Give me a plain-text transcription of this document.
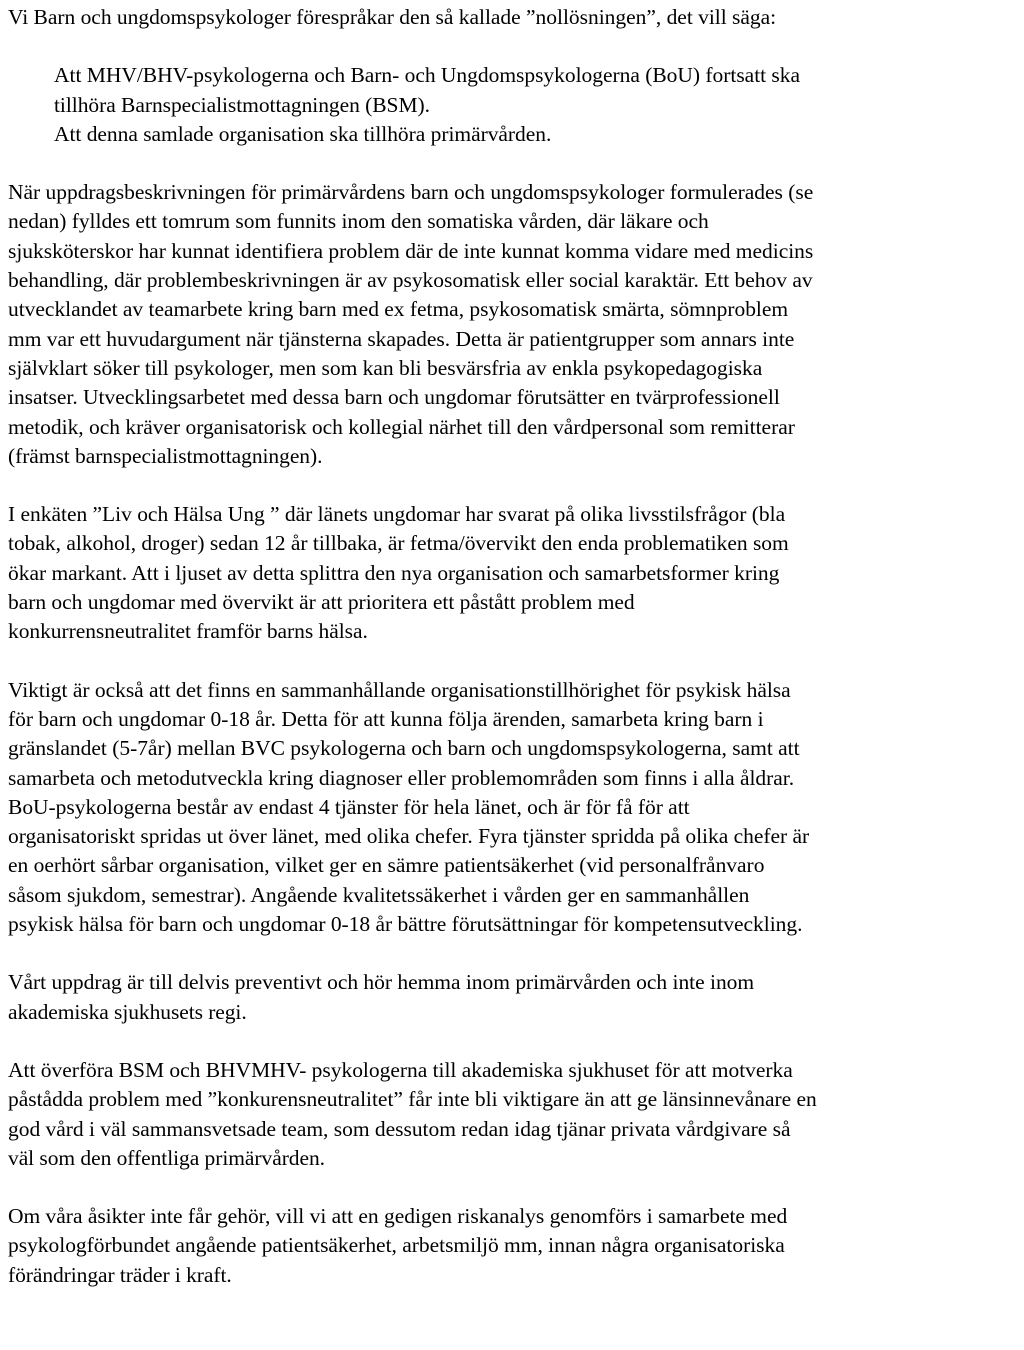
Vi Barn och ungdomspsykologer förespråkar den så kallade ”nollösningen”, det vill säga:

Att MHV/BHV-psykologerna och Barn- och Ungdomspsykologerna (BoU) fortsatt ska
tillhöra Barnspecialistmottagningen (BSM).

Att denna samlade organisation ska tillhöra primärvården.

När uppdragsbeskrivningen för primärvårdens barn och ungdomspsykologer formulerades (se
nedan) fylldes ett tomrum som funnits inom den somatiska vården, där läkare och
sjuksköterskor har kunnat identifiera problem där de inte kunnat komma vidare med medicins
behandling, där problembeskrivningen är av psykosomatisk eller social karaktär. Ett behov av
utvecklandet av teamarbete kring barn med ex fetma, psykosomatisk smärta, sömnproblem
mm var ett huvudargument när tjänsterna skapades. Detta är patientgrupper som annars inte
självklart söker till psykologer, men som kan bli besvärsfria av enkla psykopedagogiska
insatser. Utvecklingsarbetet med dessa barn och ungdomar förutsätter en tvärprofessionell
metodik, och kräver organisatorisk och kollegial närhet till den vårdpersonal som remitterar
(främst barnspecialistmottagningen).

I enkäten ”Liv och Hälsa Ung ” där länets ungdomar har svarat på olika livsstilsfrågor (bla
tobak, alkohol, droger) sedan 12 år tillbaka, är fetma/övervikt den enda problematiken som
ökar markant. Att i ljuset av detta splittra den nya organisation och samarbetsformer kring
barn och ungdomar med övervikt är att prioritera ett påstått problem med
konkurrensneutralitet framför barns hälsa.

Viktigt är också att det finns en sammanhållande organisationstillhörighet för psykisk hälsa
för barn och ungdomar 0-18 år. Detta för att kunna följa ärenden, samarbeta kring barn i
gränslandet (5-7år) mellan BVC psykologerna och barn och ungdomspsykologerna, samt att
samarbeta och metodutveckla kring diagnoser eller problemområden som finns i alla åldrar.
BoU-psykologerna består av endast 4 tjänster för hela länet, och är för få för att
organisatoriskt spridas ut över länet, med olika chefer. Fyra tjänster spridda på olika chefer är
en oerhört sårbar organisation, vilket ger en sämre patientsäkerhet (vid personalfrånvaro
såsom sjukdom, semestrar). Angående kvalitetssäkerhet i vården ger en sammanhållen
psykisk hälsa för barn och ungdomar 0-18 år bättre förutsättningar för kompetensutveckling.

Vårt uppdrag är till delvis preventivt och hör hemma inom primärvården och inte inom
akademiska sjukhusets regi.

Att överföra BSM och BHVMHV- psykologerna till akademiska sjukhuset för att motverka
påstådda problem med ”konkurensneutralitet” får inte bli viktigare än att ge länsinnevånare en
god vård i väl sammansvetsade team, som dessutom redan idag tjänar privata vårdgivare så
väl som den offentliga primärvården.

Om våra åsikter inte får gehör, vill vi att en gedigen riskanalys genomförs i samarbete med
psykologförbundet angående patientsäkerhet, arbetsmiljö mm, innan några organisatoriska
förändringar träder i kraft.
